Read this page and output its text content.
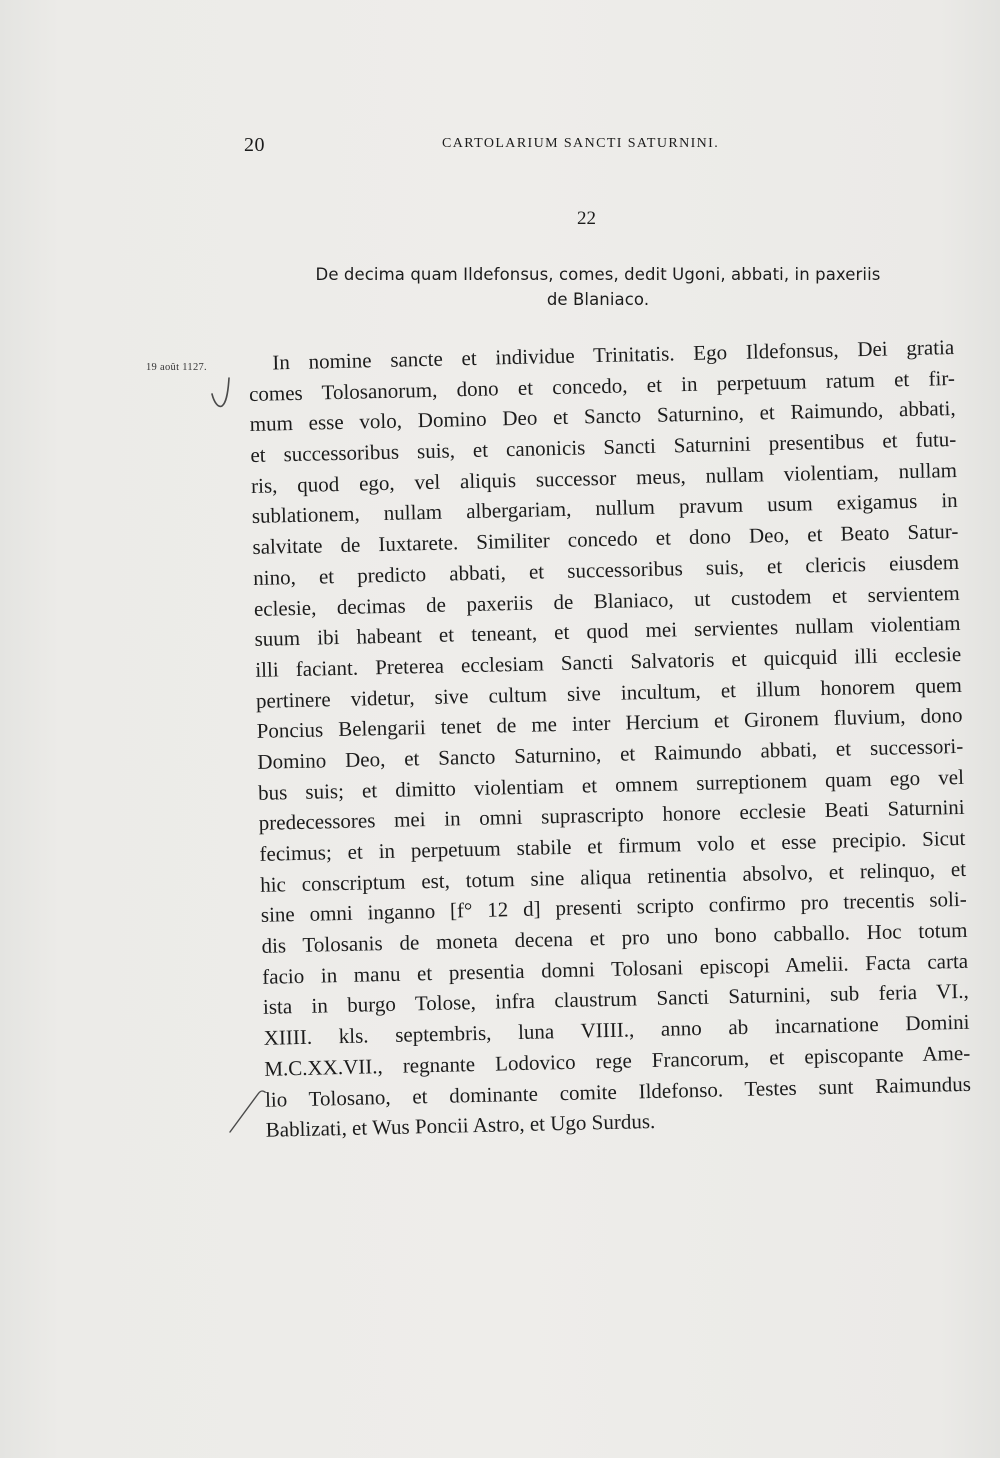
20	CARTOLARIUM SANCTI SATURNINI.
22
De decima quam Ildefonsus, comes, dedit Ugoni, abbati, in paxeriis
de Blaniaco.
19 août 1127.	In nomine sancte et individue Trinitatis. Ego Ildefonsus, Dei gratia
comes Tolosanorum, dono et concedo, et in perpetuum ratum et fir-
mum esse volo, Domino Deo et Sancto Saturnino, et Raimundo, abbati,
et successoribus suis, et canonicis Sancti Saturnini presentibus et futu-
ris, quod ego, vel aliquis successor meus, nullam violentiam, nullam
sublationem, nullam albergariam, nullum pravum usum exigamus in
salvitate de Iuxtarete. Similiter concedo et dono Deo, et Beato Satur-
nino, et predicto abbati, et successoribus suis, et clericis eiusdem
eclesie, decimas de paxeriis de Blaniaco, ut custodem et servientem
suum ibi habeant et teneant, et quod mei servientes nullam violentiam
illi faciant. Preterea ecclesiam Sancti Salvatoris et quicquid illi ecclesie
pertinere videtur, sive cultum sive incultum, et illum honorem quem
Poncius Belengarii tenet de me inter Hercium et Gironem fluvium, dono
Domino Deo, et Sancto Saturnino, et Raimundo abbati, et successori-
bus suis; et dimitto violentiam et omnem surreptionem quam ego vel
predecessores mei in omni suprascripto honore ecclesie Beati Saturnini
fecimus; et in perpetuum stabile et firmum volo et esse precipio. Sicut
hic conscriptum est, totum sine aliqua retinentia absolvo, et relinquo, et
sine omni inganno [f° 12 d] presenti scripto confirmo pro trecentis soli-
dis Tolosanis de moneta decena et pro uno bono cabballo. Hoc totum
facio in manu et presentia domni Tolosani episcopi Amelii. Facta carta
ista in burgo Tolose, infra claustrum Sancti Saturnini, sub feria VI.,
XIIII. kls. septembris, luna VIIII., anno ab incarnatione Domini
M.C.XX.VII., regnante Lodovico rege Francorum, et episcopante Ame-
lio Tolosano, et dominante comite Ildefonso. Testes sunt Raimundus
Bablizati, et Wus Poncii Astro, et Ugo Surdus.
